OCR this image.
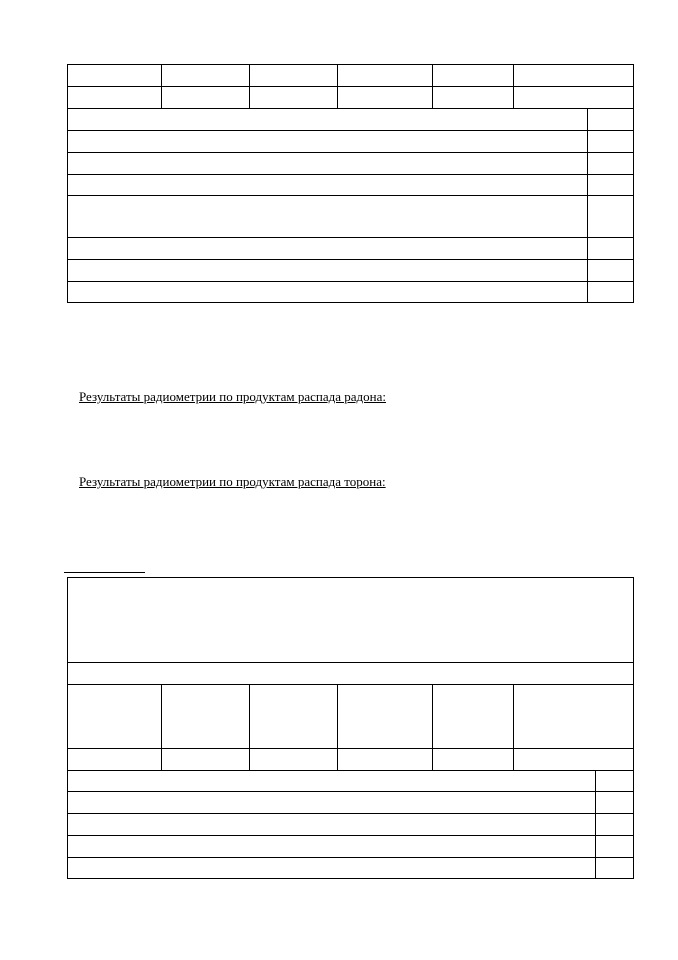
Результаты радиометрии по продуктам распада радона:
Результаты радиометрии по продуктам распада торона:
